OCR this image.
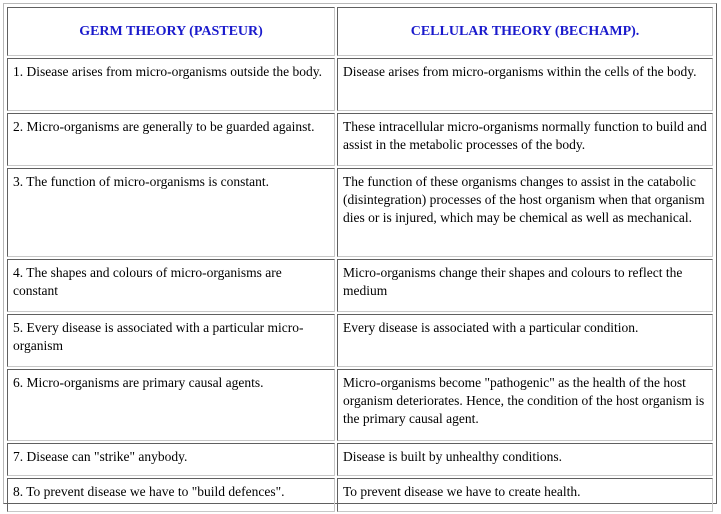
GERM THEORY (PASTEUR)	CELLULAR THEORY (BECHAMP).
1. Disease arises from micro-organisms outside the body.	Disease arises from micro-organisms within the cells of the body.
2. Micro-organisms are generally to be guarded against.	These intracellular micro-organisms normally function to build and assist in the metabolic processes of the body.
3. The function of micro-organisms is constant.	The function of these organisms changes to assist in the catabolic (disintegration) processes of the host organism when that organism dies or is injured, which may be chemical as well as mechanical.
4. The shapes and colours of micro-organisms are constant	Micro-organisms change their shapes and colours to reflect the medium
5. Every disease is associated with a particular micro-organism	Every disease is associated with a particular condition.
6. Micro-organisms are primary causal agents.	Micro-organisms become "pathogenic" as the health of the host organism deteriorates. Hence, the condition of the host organism is the primary causal agent.
7. Disease can "strike" anybody.	Disease is built by unhealthy conditions.
8. To prevent disease we have to "build defences".	To prevent disease we have to create health.
